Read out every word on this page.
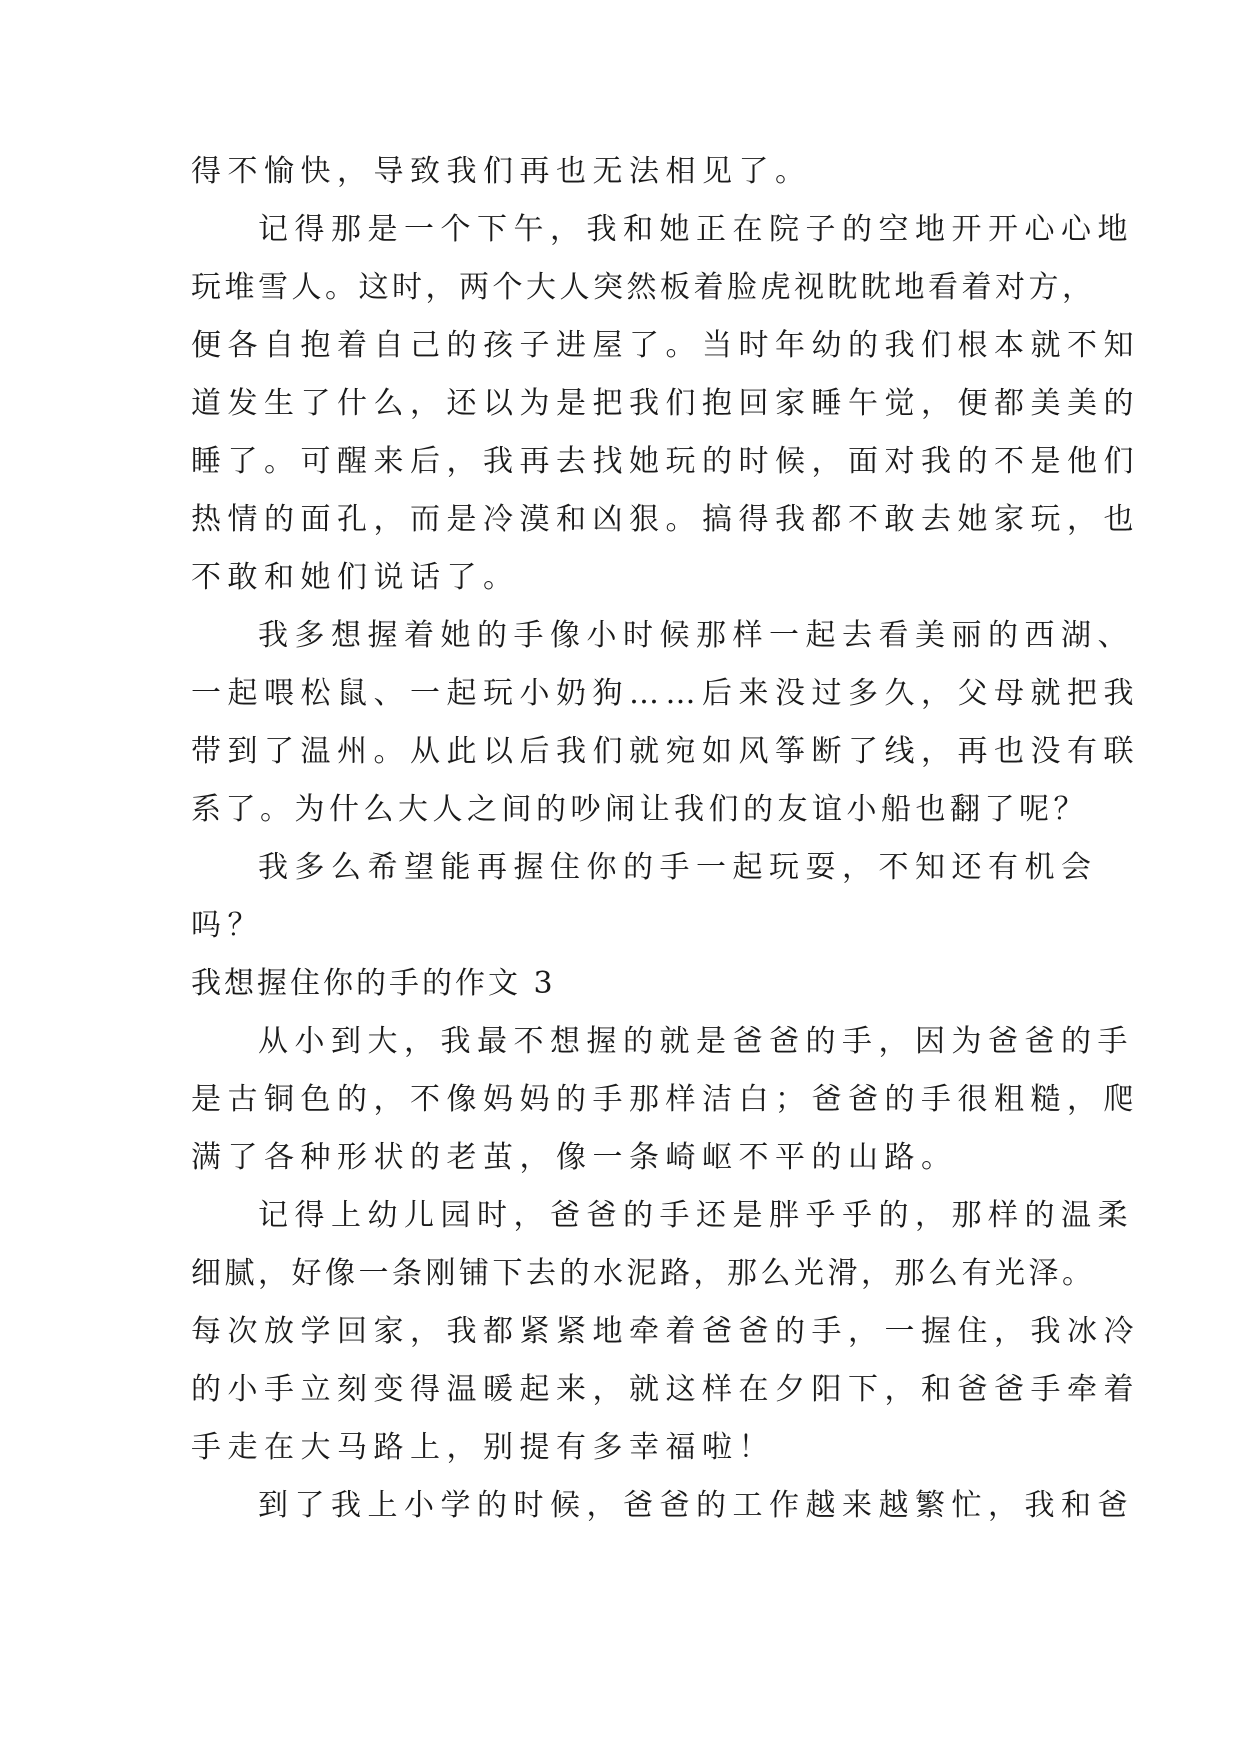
得不愉快，导致我们再也无法相见了。
记得那是一个下午，我和她正在院子的空地开开心心地
玩堆雪人。这时，两个大人突然板着脸虎视眈眈地看着对方，
便各自抱着自己的孩子进屋了。当时年幼的我们根本就不知
道发生了什么，还以为是把我们抱回家睡午觉，便都美美的
睡了。可醒来后，我再去找她玩的时候，面对我的不是他们
热情的面孔，而是冷漠和凶狠。搞得我都不敢去她家玩，也
不敢和她们说话了。
我多想握着她的手像小时候那样一起去看美丽的西湖、
一起喂松鼠、一起玩小奶狗……后来没过多久，父母就把我
带到了温州。从此以后我们就宛如风筝断了线，再也没有联
系了。为什么大人之间的吵闹让我们的友谊小船也翻了呢？
我多么希望能再握住你的手一起玩耍，不知还有机会
吗？
我想握住你的手的作文 3
从小到大，我最不想握的就是爸爸的手，因为爸爸的手
是古铜色的，不像妈妈的手那样洁白；爸爸的手很粗糙，爬
满了各种形状的老茧，像一条崎岖不平的山路。
记得上幼儿园时，爸爸的手还是胖乎乎的，那样的温柔
细腻，好像一条刚铺下去的水泥路，那么光滑，那么有光泽。
每次放学回家，我都紧紧地牵着爸爸的手，一握住，我冰冷
的小手立刻变得温暖起来，就这样在夕阳下，和爸爸手牵着
手走在大马路上，别提有多幸福啦！
到了我上小学的时候，爸爸的工作越来越繁忙，我和爸
